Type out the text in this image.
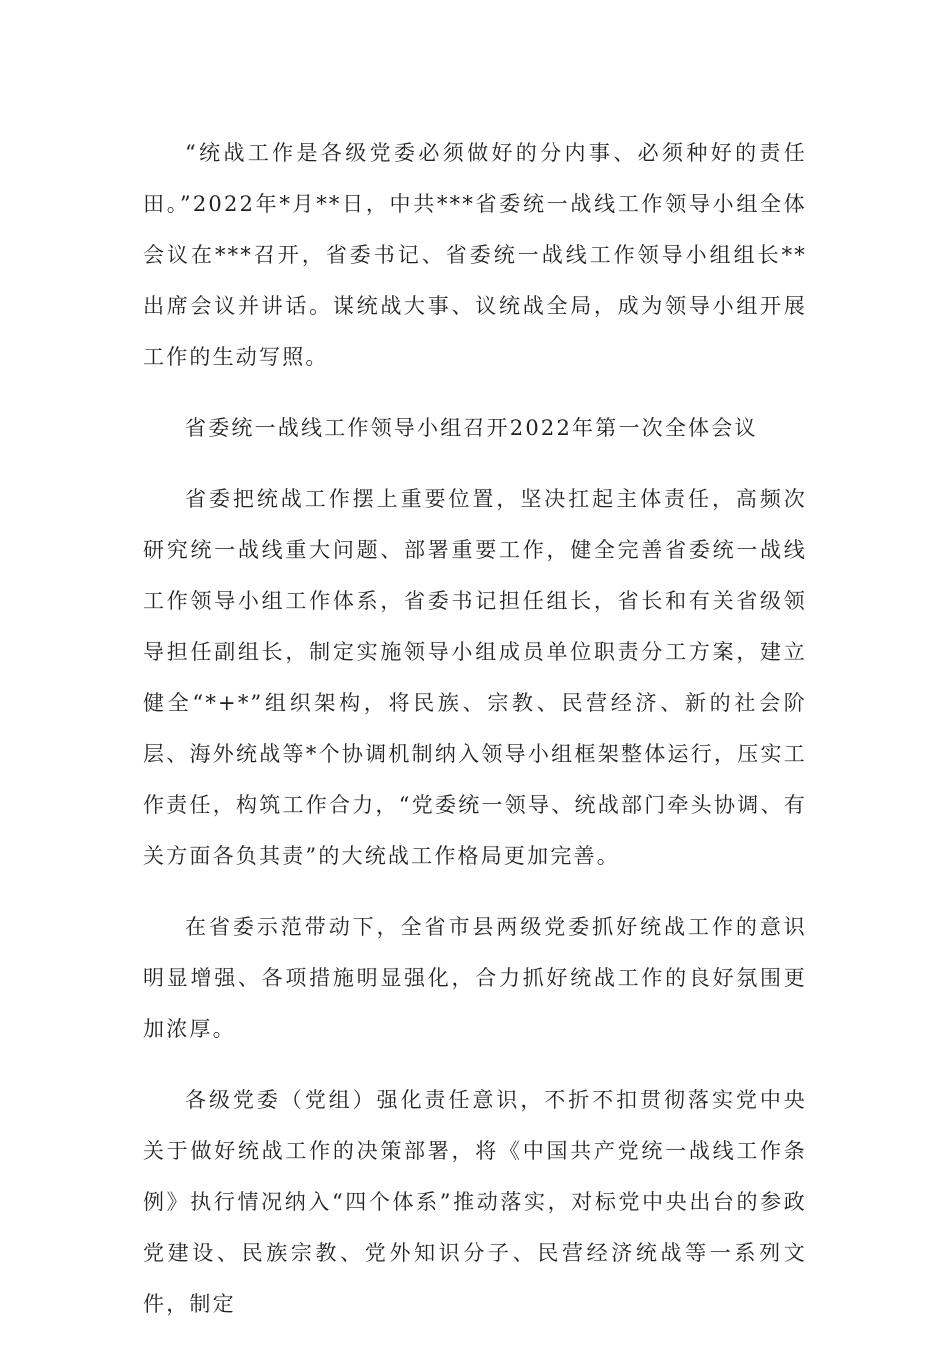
“统战工作是各级党委必须做好的分内事、必须种好的责任田。”2022年*月**日，中共***省委统一战线工作领导小组全体会议在***召开，省委书记、省委统一战线工作领导小组组长**出席会议并讲话。谋统战大事、议统战全局，成为领导小组开展工作的生动写照。

省委统一战线工作领导小组召开2022年第一次全体会议

省委把统战工作摆上重要位置，坚决扛起主体责任，高频次研究统一战线重大问题、部署重要工作，健全完善省委统一战线工作领导小组工作体系，省委书记担任组长，省长和有关省级领导担任副组长，制定实施领导小组成员单位职责分工方案，建立健全“*+*”组织架构，将民族、宗教、民营经济、新的社会阶层、海外统战等*个协调机制纳入领导小组框架整体运行，压实工作责任，构筑工作合力，“党委统一领导、统战部门牵头协调、有关方面各负其责”的大统战工作格局更加完善。

在省委示范带动下，全省市县两级党委抓好统战工作的意识明显增强、各项措施明显强化，合力抓好统战工作的良好氛围更加浓厚。

各级党委（党组）强化责任意识，不折不扣贯彻落实党中央关于做好统战工作的决策部署，将《中国共产党统一战线工作条例》执行情况纳入“四个体系”推动落实，对标党中央出台的参政党建设、民族宗教、党外知识分子、民营经济统战等一系列文件，制定
